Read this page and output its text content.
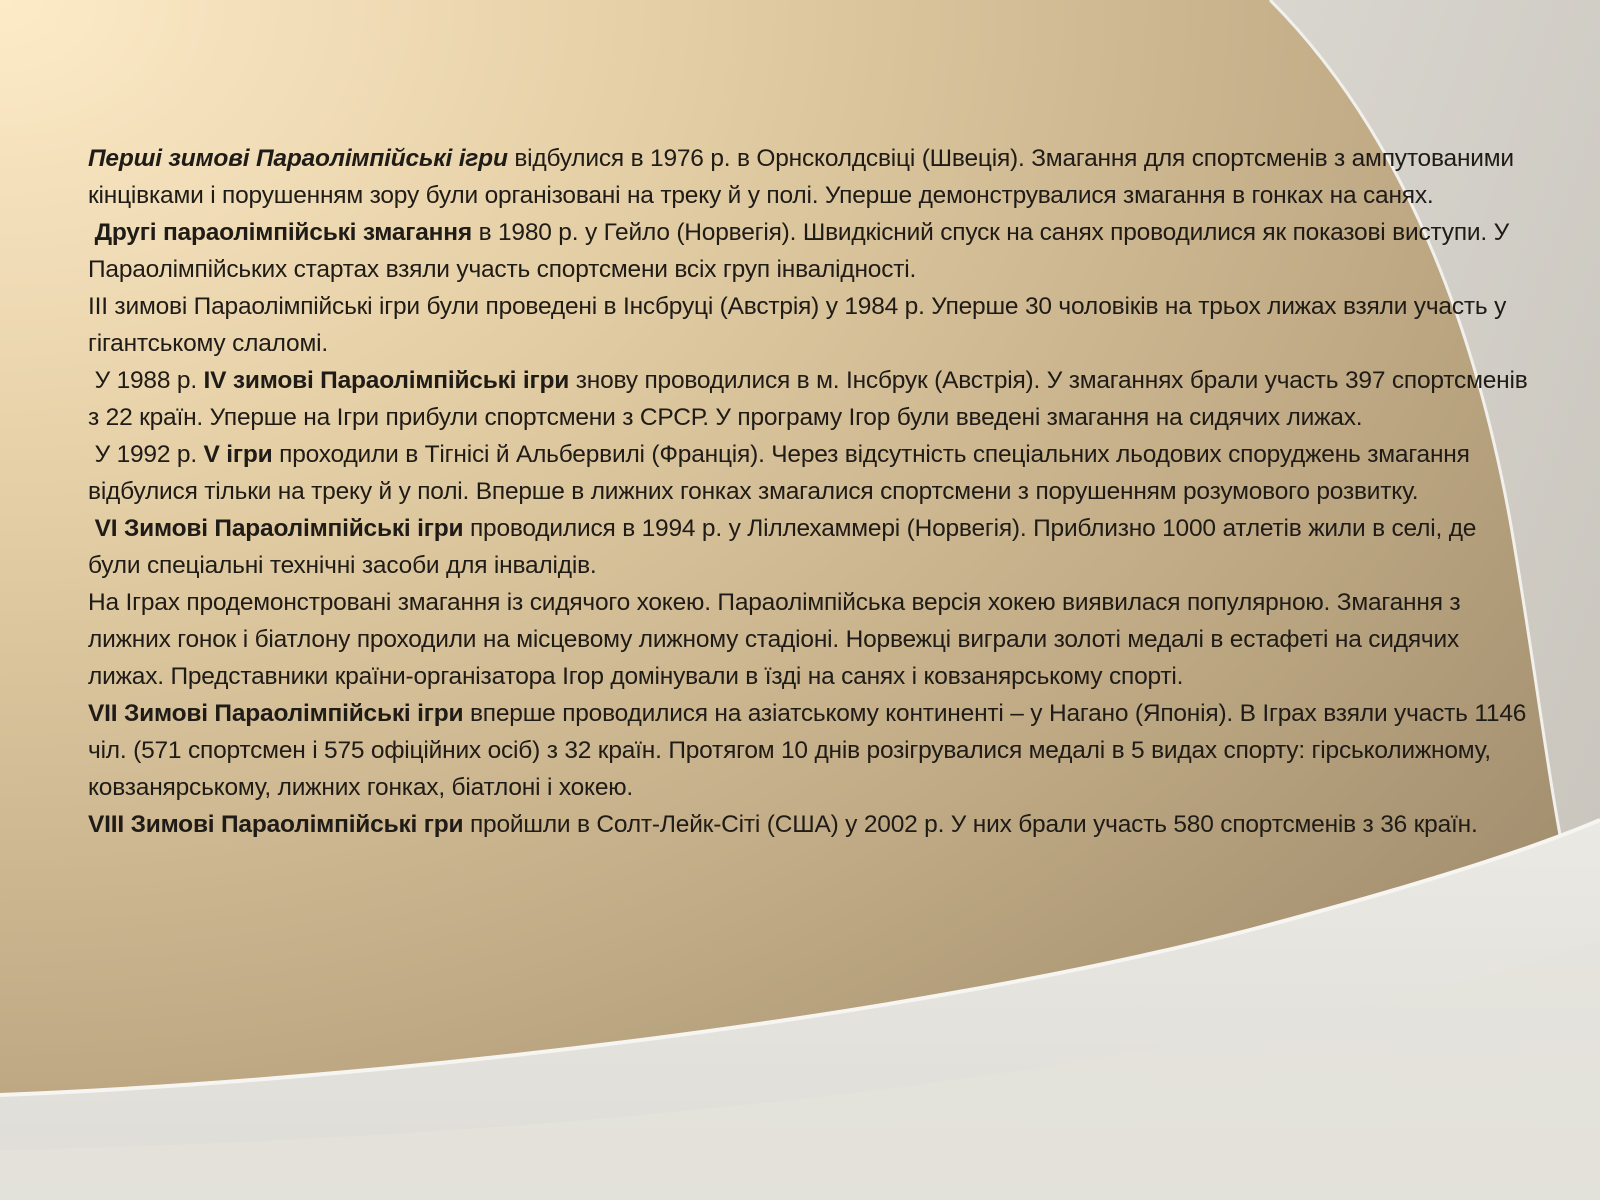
Перші зимові Параолімпійські ігри відбулися в 1976 р. в Орнсколдсвіці (Швеція). Змагання для спортсменів з ампутованими кінцівками і порушенням зору були організовані на треку й у полі. Уперше демонструвалися змагання в гонках на санях.

Другі параолімпійські змагання в 1980 р. у Гейло (Норвегія). Швидкісний спуск на санях проводилися як показові виступи. У Параолімпійських стартах взяли участь спортсмени всіх груп інвалідності.

ІІІ зимові Параолімпійські ігри були проведені в Інсбруці (Австрія) у 1984 р. Уперше 30 чоловіків на трьох лижах взяли участь у гігантському слаломі.

У 1988 р. IV зимові Параолімпійські ігри знову проводилися в м. Інсбрук (Австрія). У змаганнях брали участь 397 спортсменів з 22 країн. Уперше на Ігри прибули спортсмени з СРСР. У програму Ігор були введені змагання на сидячих лижах.

У 1992 р. V ігри проходили в Тігнісі й Альбервилі (Франція). Через відсутність спеціальних льодових споруджень змагання відбулися тільки на треку й у полі. Вперше в лижних гонках змагалися спортсмени з порушенням розумового розвитку.

VI Зимові Параолімпійські ігри проводилися в 1994 р. у Ліллехаммері (Норвегія). Приблизно 1000 атлетів жили в селі, де були спеціальні технічні засоби для інвалідів.

На Іграх продемонстровані змагання із сидячого хокею. Параолімпійська версія хокею виявилася популярною. Змагання з лижних гонок і біатлону проходили на місцевому лижному стадіоні. Норвежці виграли золоті медалі в естафеті на сидячих лижах. Представники країни-організатора Ігор домінували в їзді на санях і ковзанярському спорті.

VII Зимові Параолімпійські ігри вперше проводилися на азіатському континенті – у Нагано (Японія). В Іграх взяли участь 1146 чіл. (571 спортсмен і 575 офіційних осіб) з 32 країн. Протягом 10 днів розігрувалися медалі в 5 видах спорту: гірськолижному, ковзанярському, лижних гонках, біатлоні і хокею.

VIII Зимові Параолімпійські гри пройшли в Солт-Лейк-Сіті (США) у 2002 р. У них брали участь 580 спортсменів з 36 країн.
